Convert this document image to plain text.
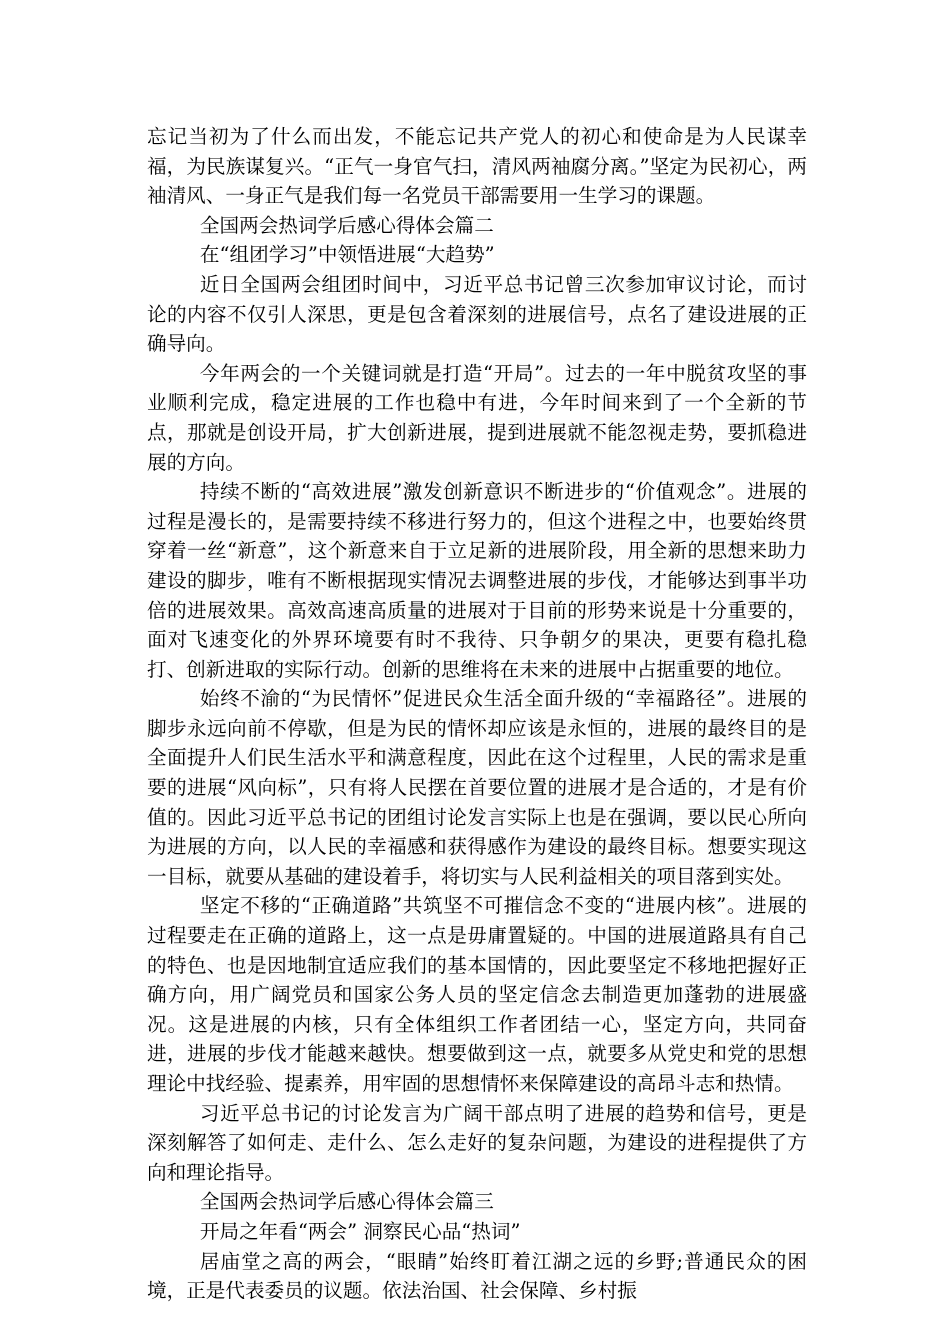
忘记当初为了什么而出发，不能忘记共产党人的初心和使命是为人民谋幸福，为民族谋复兴。“正气一身官气扫，清风两袖腐分离。”坚定为民初心，两袖清风、一身正气是我们每一名党员干部需要用一生学习的课题。

全国两会热词学后感心得体会篇二

在“组团学习”中领悟进展“大趋势”

近日全国两会组团时间中，习近平总书记曾三次参加审议讨论，而讨论的内容不仅引人深思，更是包含着深刻的进展信号，点名了建设进展的正确导向。

今年两会的一个关键词就是打造“开局”。过去的一年中脱贫攻坚的事业顺利完成，稳定进展的工作也稳中有进，今年时间来到了一个全新的节点，那就是创设开局，扩大创新进展，提到进展就不能忽视走势，要抓稳进展的方向。

持续不断的“高效进展”激发创新意识不断进步的“价值观念”。进展的过程是漫长的，是需要持续不移进行努力的，但这个进程之中，也要始终贯穿着一丝“新意”，这个新意来自于立足新的进展阶段，用全新的思想来助力建设的脚步，唯有不断根据现实情况去调整进展的步伐，才能够达到事半功倍的进展效果。高效高速高质量的进展对于目前的形势来说是十分重要的，面对飞速变化的外界环境要有时不我待、只争朝夕的果决，更要有稳扎稳打、创新进取的实际行动。创新的思维将在未来的进展中占据重要的地位。

始终不渝的“为民情怀”促进民众生活全面升级的“幸福路径”。进展的脚步永远向前不停歇，但是为民的情怀却应该是永恒的，进展的最终目的是全面提升人们民生活水平和满意程度，因此在这个过程里，人民的需求是重要的进展“风向标”，只有将人民摆在首要位置的进展才是合适的，才是有价值的。因此习近平总书记的团组讨论发言实际上也是在强调，要以民心所向为进展的方向，以人民的幸福感和获得感作为建设的最终目标。想要实现这一目标，就要从基础的建设着手，将切实与人民利益相关的项目落到实处。

坚定不移的“正确道路”共筑坚不可摧信念不变的“进展内核”。进展的过程要走在正确的道路上，这一点是毋庸置疑的。中国的进展道路具有自己的特色、也是因地制宜适应我们的基本国情的，因此要坚定不移地把握好正确方向，用广阔党员和国家公务人员的坚定信念去制造更加蓬勃的进展盛况。这是进展的内核，只有全体组织工作者团结一心，坚定方向，共同奋进，进展的步伐才能越来越快。想要做到这一点，就要多从党史和党的思想理论中找经验、提素养，用牢固的思想情怀来保障建设的高昂斗志和热情。

习近平总书记的讨论发言为广阔干部点明了进展的趋势和信号，更是深刻解答了如何走、走什么、怎么走好的复杂问题，为建设的进程提供了方向和理论指导。

全国两会热词学后感心得体会篇三

开局之年看“两会” 洞察民心品“热词”

居庙堂之高的两会，“眼睛”始终盯着江湖之远的乡野;普通民众的困境，正是代表委员的议题。依法治国、社会保障、乡村振
